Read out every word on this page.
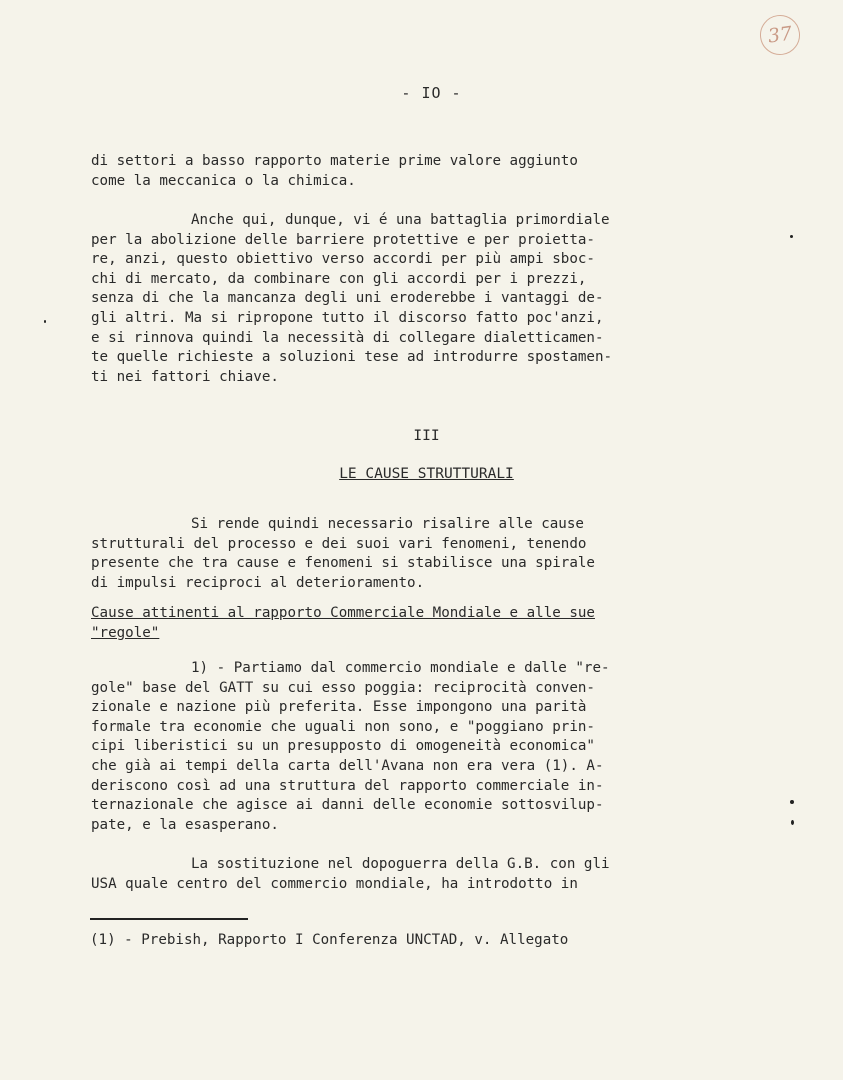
37
- IO -
di settori a basso rapporto materie prime valore aggiunto
come la meccanica o la chimica.
Anche qui, dunque, vi é una battaglia primordiale
per la abolizione delle barriere protettive e per proietta-
re, anzi, questo obiettivo verso accordi per più ampi sboc-
chi di mercato, da combinare con gli accordi per i prezzi,
senza di che la mancanza degli uni eroderebbe i vantaggi de-
gli altri. Ma si ripropone tutto il discorso fatto poc'anzi,
e si rinnova quindi la necessità di collegare dialetticamen-
te quelle richieste a soluzioni tese ad introdurre spostamen-
ti nei fattori chiave.
III
LE CAUSE STRUTTURALI
Si rende quindi necessario risalire alle cause
strutturali del processo e dei suoi vari fenomeni, tenendo
presente che tra cause e fenomeni si stabilisce una spirale
di impulsi reciproci al deterioramento.
Cause attinenti al rapporto Commerciale Mondiale e alle sue
"regole"
1) - Partiamo dal commercio mondiale e dalle "re-
gole" base del GATT su cui esso poggia: reciprocità conven-
zionale e nazione più preferita. Esse impongono una parità
formale tra economie che uguali non sono, e "poggiano prin-
cipi liberistici su un presupposto di omogeneità economica"
che già ai tempi della carta dell'Avana non era vera (1). A-
deriscono così ad una struttura del rapporto commerciale in-
ternazionale che agisce ai danni delle economie sottosvilup-
pate, e la esasperano.
La sostituzione nel dopoguerra della G.B. con gli
USA quale centro del commercio mondiale, ha introdotto in
(1) - Prebish, Rapporto I Conferenza UNCTAD, v. Allegato
